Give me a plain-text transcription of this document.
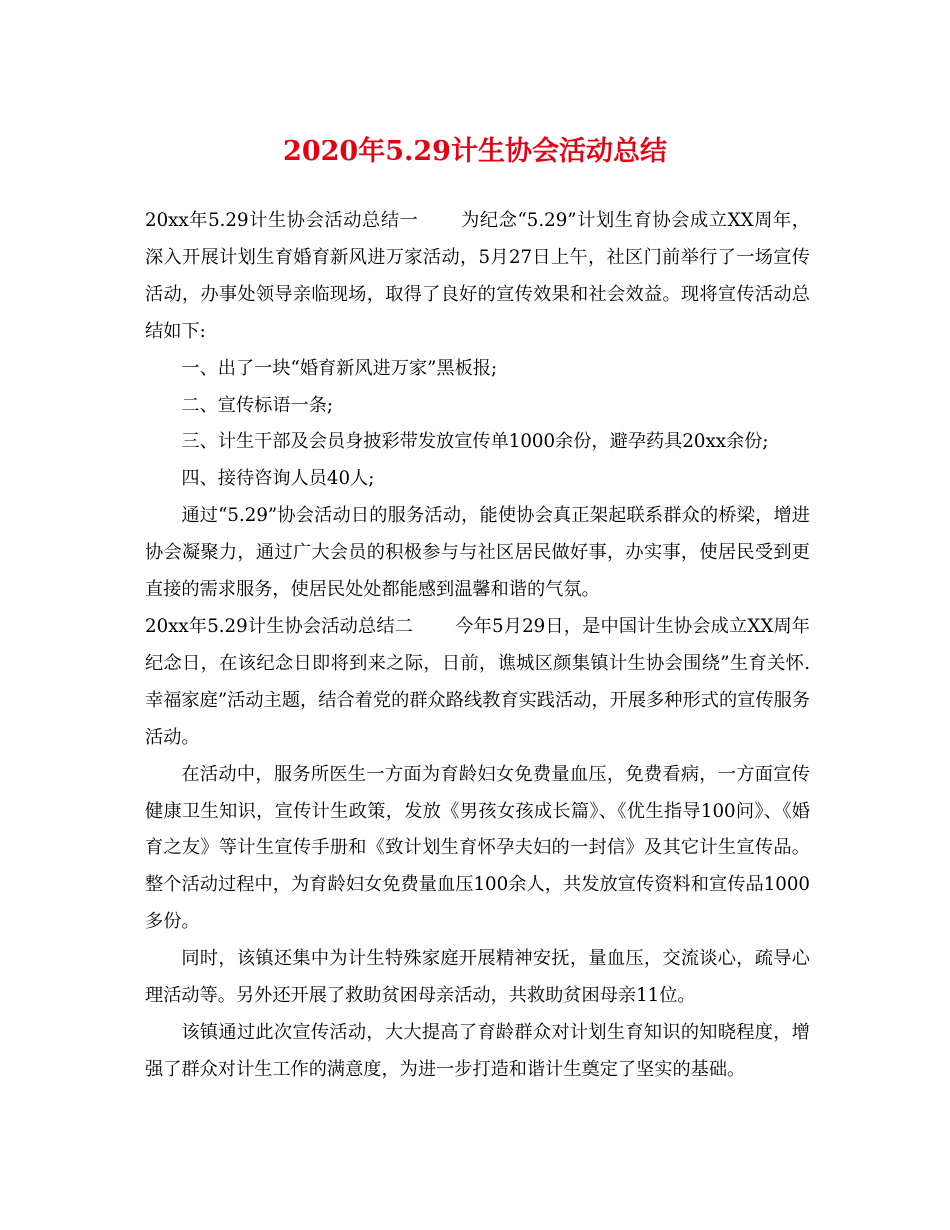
2020年5.29计生协会活动总结

20xx年5.29计生协会活动总结一 为纪念“5.29”计划生育协会成立XX周年，深入开展计划生育婚育新风进万家活动，5月27日上午，社区门前举行了一场宣传活动，办事处领导亲临现场，取得了良好的宣传效果和社会效益。现将宣传活动总结如下:

一、出了一块“婚育新风进万家”黑板报;

二、宣传标语一条;

三、计生干部及会员身披彩带发放宣传单1000余份，避孕药具20xx余份;

四、接待咨询人员40人;

通过“5.29”协会活动日的服务活动，能使协会真正架起联系群众的桥梁，增进协会凝聚力，通过广大会员的积极参与与社区居民做好事，办实事，使居民受到更直接的需求服务，使居民处处都能感到温馨和谐的气氛。

20xx年5.29计生协会活动总结二 今年5月29日，是中国计生协会成立XX周年纪念日，在该纪念日即将到来之际，日前，谯城区颜集镇计生协会围绕”生育关怀.幸福家庭”活动主题，结合着党的群众路线教育实践活动，开展多种形式的宣传服务活动。

在活动中，服务所医生一方面为育龄妇女免费量血压，免费看病，一方面宣传健康卫生知识，宣传计生政策，发放《男孩女孩成长篇》、《优生指导100问》、《婚育之友》等计生宣传手册和《致计划生育怀孕夫妇的一封信》及其它计生宣传品。整个活动过程中，为育龄妇女免费量血压100余人，共发放宣传资料和宣传品1000多份。

同时，该镇还集中为计生特殊家庭开展精神安抚，量血压，交流谈心，疏导心理活动等。另外还开展了救助贫困母亲活动，共救助贫困母亲11位。

该镇通过此次宣传活动，大大提高了育龄群众对计划生育知识的知晓程度，增强了群众对计生工作的满意度，为进一步打造和谐计生奠定了坚实的基础。
